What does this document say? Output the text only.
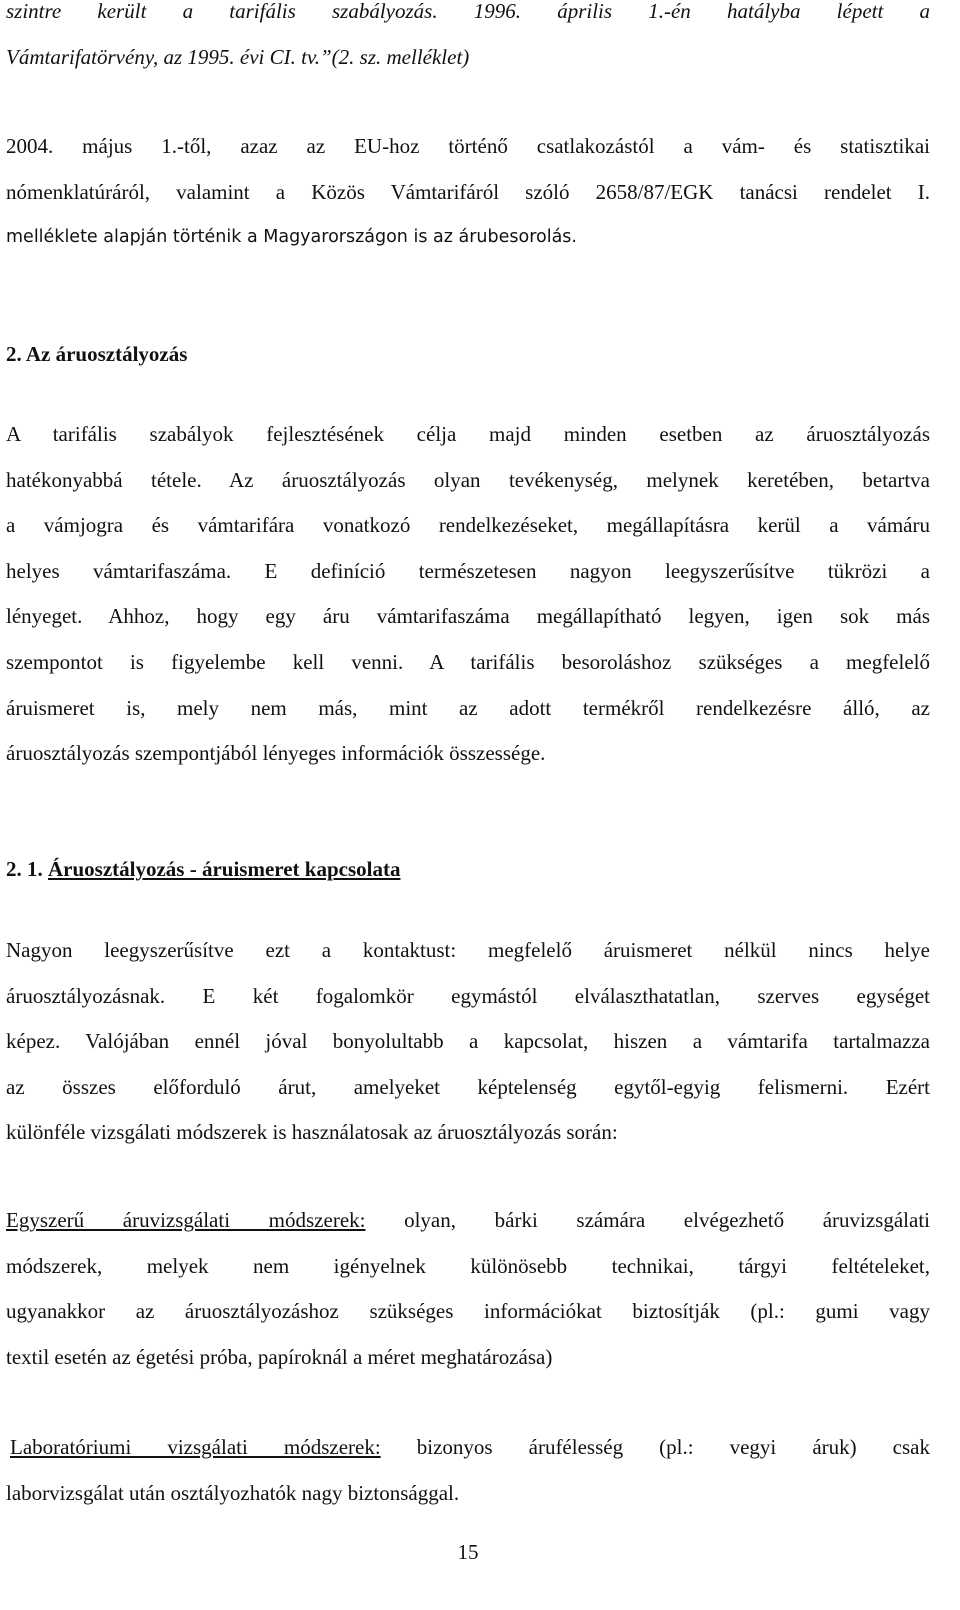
szintre került a tarifális szabályozás. 1996. április 1.-én hatályba lépett a
Vámtarifatörvény, az 1995. évi CI. tv.”(2. sz. melléklet)
2004. május 1.-től, azaz az EU-hoz történő csatlakozástól a vám- és statisztikai
nómenklatúráról, valamint a Közös Vámtarifáról szóló 2658/87/EGK tanácsi rendelet I.
melléklete alapján történik a Magyarországon is az árubesorolás.
2. Az áruosztályozás
A tarifális szabályok fejlesztésének célja majd minden esetben az áruosztályozás
hatékonyabbá tétele. Az áruosztályozás olyan tevékenység, melynek keretében, betartva
a vámjogra és vámtarifára vonatkozó rendelkezéseket, megállapításra kerül a vámáru
helyes vámtarifaszáma. E definíció természetesen nagyon leegyszerűsítve tükrözi a
lényeget. Ahhoz, hogy egy áru vámtarifaszáma megállapítható legyen, igen sok más
szempontot is figyelembe kell venni. A tarifális besoroláshoz szükséges a megfelelő
áruismeret is, mely nem más, mint az adott termékről rendelkezésre álló, az
áruosztályozás szempontjából lényeges információk összessége.
2. 1. Áruosztályozás - áruismeret kapcsolata
Nagyon leegyszerűsítve ezt a kontaktust: megfelelő áruismeret nélkül nincs helye
áruosztályozásnak. E két fogalomkör egymástól elválaszthatatlan, szerves egységet
képez. Valójában ennél jóval bonyolultabb a kapcsolat, hiszen a vámtarifa tartalmazza
az összes előforduló árut, amelyeket képtelenség egytől-egyig felismerni. Ezért
különféle vizsgálati módszerek is használatosak az áruosztályozás során:
Egyszerű áruvizsgálati módszerek: olyan, bárki számára elvégezhető áruvizsgálati
módszerek, melyek nem igényelnek különösebb technikai, tárgyi feltételeket,
ugyanakkor az áruosztályozáshoz szükséges információkat biztosítják (pl.: gumi vagy
textil esetén az égetési próba, papíroknál a méret meghatározása)
Laboratóriumi vizsgálati módszerek: bizonyos árufélesség (pl.: vegyi áruk) csak
laborvizsgálat után osztályozhatók nagy biztonsággal.
15
